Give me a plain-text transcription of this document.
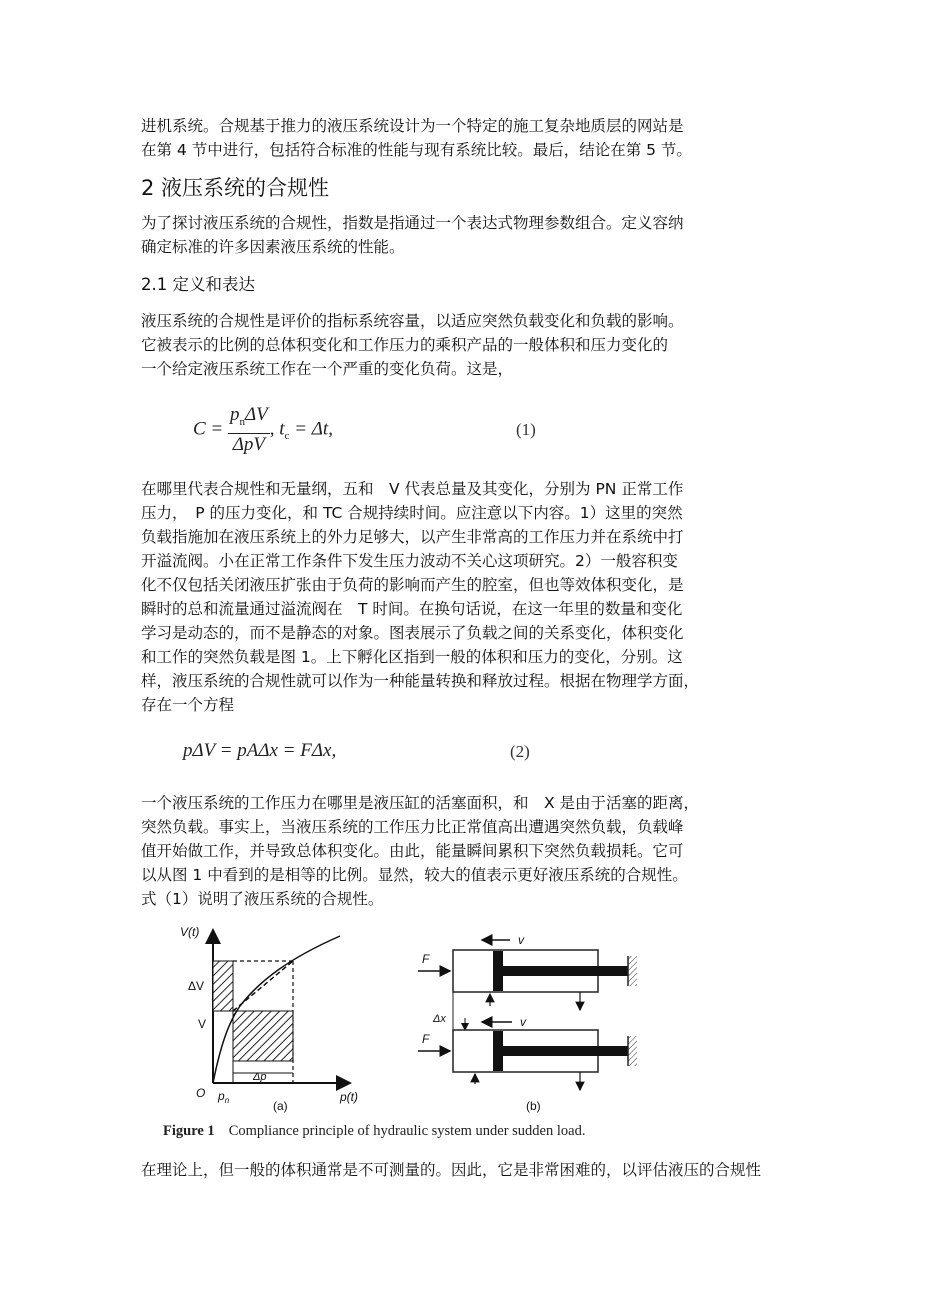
进机系统。合规基于推力的液压系统设计为一个特定的施工复杂地质层的网站是
在第 4 节中进行，包括符合标准的性能与现有系统比较。最后，结论在第 5 节。

2 液压系统的合规性

为了探讨液压系统的合规性，指数是指通过一个表达式物理参数组合。定义容纳
确定标准的许多因素液压系统的性能。

2.1 定义和表达

液压系统的合规性是评价的指标系统容量，以适应突然负载变化和负载的影响。
它被表示的比例的总体积变化和工作压力的乘积产品的一般体积和压力变化的
一个给定液压系统工作在一个严重的变化负荷。这是，

$C = \frac{p_n\Delta V}{\text{ΔpV}}$ , $t_c = \Delta t$,	(1)

在哪里代表合规性和无量纲，五和　V 代表总量及其变化，分别为 PN 正常工作
压力，　P 的压力变化，和 TC 合规持续时间。应注意以下内容。1）这里的突然
负载指施加在液压系统上的外力足够大，以产生非常高的工作压力并在系统中打
开溢流阀。小在正常工作条件下发生压力波动不关心这项研究。2）一般容积变
化不仅包括关闭液压扩张由于负荷的影响而产生的腔室，但也等效体积变化，是
瞬时的总和流量通过溢流阀在　T 时间。在换句话说，在这一年里的数量和变化
学习是动态的，而不是静态的对象。图表展示了负载之间的关系变化，体积变化
和工作的突然负载是图 1。上下孵化区指到一般的体积和压力的变化，分别。这
样，液压系统的合规性就可以作为一种能量转换和释放过程。根据在物理学方面，
存在一个方程

pΔV = pAΔx = FΔx,	(2)

一个液压系统的工作压力在哪里是液压缸的活塞面积，和　X 是由于活塞的距离，
突然负载。事实上，当液压系统的工作压力比正常值高出遭遇突然负载，负载峰
值开始做工作，并导致总体积变化。由此，能量瞬间累积下突然负载损耗。它可
以从图 1 中看到的是相等的比例。显然，较大的值表示更好液压系统的合规性。
式（1）说明了液压系统的合规性。

V(t)
p(t)
ΔV
V
O $p_n$
Δp
(a)
F
v
Δx
F
v
(b)
Figure 1 Compliance principle of hydraulic system under sudden load.

在理论上，但一般的体积通常是不可测量的。因此，它是非常困难的，以评估液压的合规性
